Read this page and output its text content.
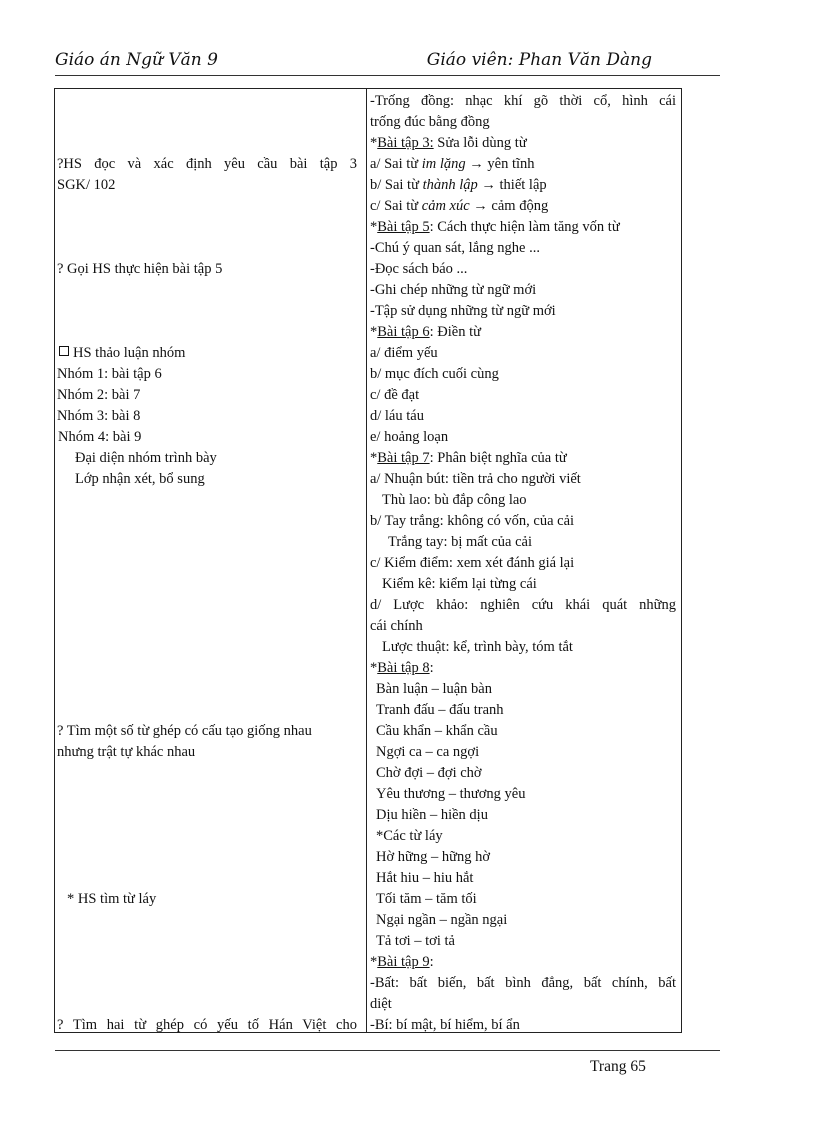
Giáo án Ngữ Văn 9	Giáo viên: Phan Văn Dàng
?HS đọc và xác định yêu cầu bài tập 3
SGK/ 102
? Gọi HS thực hiện bài tập 5
HS thảo luận nhóm
Nhóm 1: bài tập 6
Nhóm 2: bài 7
Nhóm 3: bài 8
Nhóm 4: bài 9
Đại diện nhóm trình bày
Lớp nhận xét, bổ sung
? Tìm một số từ ghép có cấu tạo giống nhau
nhưng trật tự khác nhau
* HS tìm từ láy
? Tìm hai từ ghép có yếu tố Hán Việt cho
-Trống đồng: nhạc khí gõ thời cổ, hình cái
trống đúc bằng đồng
*Bài tập 3: Sửa lỗi dùng từ
a/ Sai từ im lặng → yên tĩnh
b/ Sai từ thành lập → thiết lập
c/ Sai từ cảm xúc → cảm động
*Bài tập 5: Cách thực hiện làm tăng vốn từ
-Chú ý quan sát, lắng nghe ...
-Đọc sách báo ...
-Ghi chép những từ ngữ mới
-Tập sử dụng những từ ngữ mới
*Bài tập 6: Điền từ
a/ điểm yếu
b/ mục đích cuối cùng
c/ đề đạt
d/ láu táu
e/ hoảng loạn
*Bài tập 7: Phân biệt nghĩa của từ
a/ Nhuận bút: tiền trả cho người viết
Thù lao: bù đắp công lao
b/ Tay trắng: không có vốn, của cải
Trắng tay: bị mất của cải
c/ Kiểm điểm: xem xét đánh giá lại
Kiểm kê: kiểm lại từng cái
d/ Lược khảo: nghiên cứu khái quát những
cái chính
Lược thuật: kể, trình bày, tóm tắt
*Bài tập 8:
Bàn luận – luận bàn
Tranh đấu – đấu tranh
Cầu khẩn – khẩn cầu
Ngợi ca – ca ngợi
Chờ đợi – đợi chờ
Yêu thương – thương yêu
Dịu hiền – hiền dịu
*Các từ láy
Hờ hững – hững hờ
Hắt hiu – hiu hắt
Tối tăm – tăm tối
Ngại ngần – ngần ngại
Tả tơi – tơi tả
*Bài tập 9:
-Bất: bất biến, bất bình đẳng, bất chính, bất
diệt
-Bí: bí mật, bí hiểm, bí ẩn
Trang 65
